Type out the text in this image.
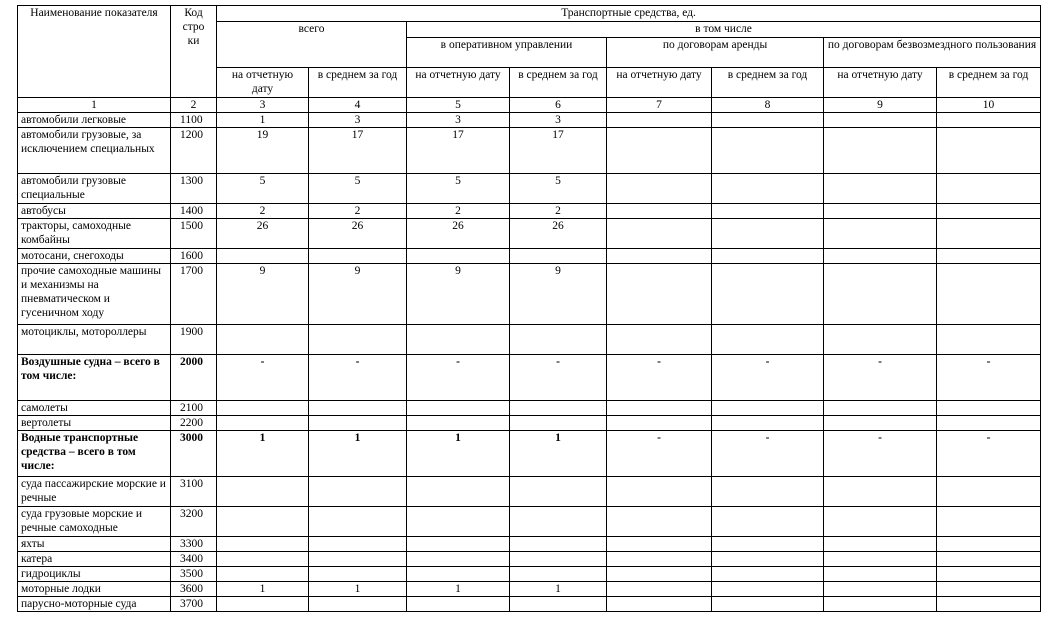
Наименование показателя	Код стро ки	Транспортные средства, ед.							
		всего		в том числе					
				в оперативном управлении		по договорам аренды		по договорам безвозмездного пользования	
		на отчетную дату	в среднем за год	на отчетную дату	в среднем за год	на отчетную дату	в среднем за год	на отчетную дату	в среднем за год
1	2	3	4	5	6	7	8	9	10
автомобили легковые	1100	1	3	3	3				
автомобили грузовые, за исключением специальных	1200	19	17	17	17				
автомобили грузовые специальные	1300	5	5	5	5				
автобусы	1400	2	2	2	2				
тракторы, самоходные комбайны	1500	26	26	26	26				
мотосани, снегоходы	1600								
прочие самоходные машины и механизмы на пневматическом и гусеничном ходу	1700	9	9	9	9				
мотоциклы, мотороллеры	1900								
Воздушные судна – всего в том числе:	2000	-	-	-	-	-	-	-	-
самолеты	2100								
вертолеты	2200								
Водные транспортные средства – всего в том числе:	3000	1	1	1	1	-	-	-	-
суда пассажирские морские и речные	3100								
суда грузовые морские и речные самоходные	3200								
яхты	3300								
катера	3400								
гидроциклы	3500								
моторные лодки	3600	1	1	1	1				
парусно-моторные суда	3700								
